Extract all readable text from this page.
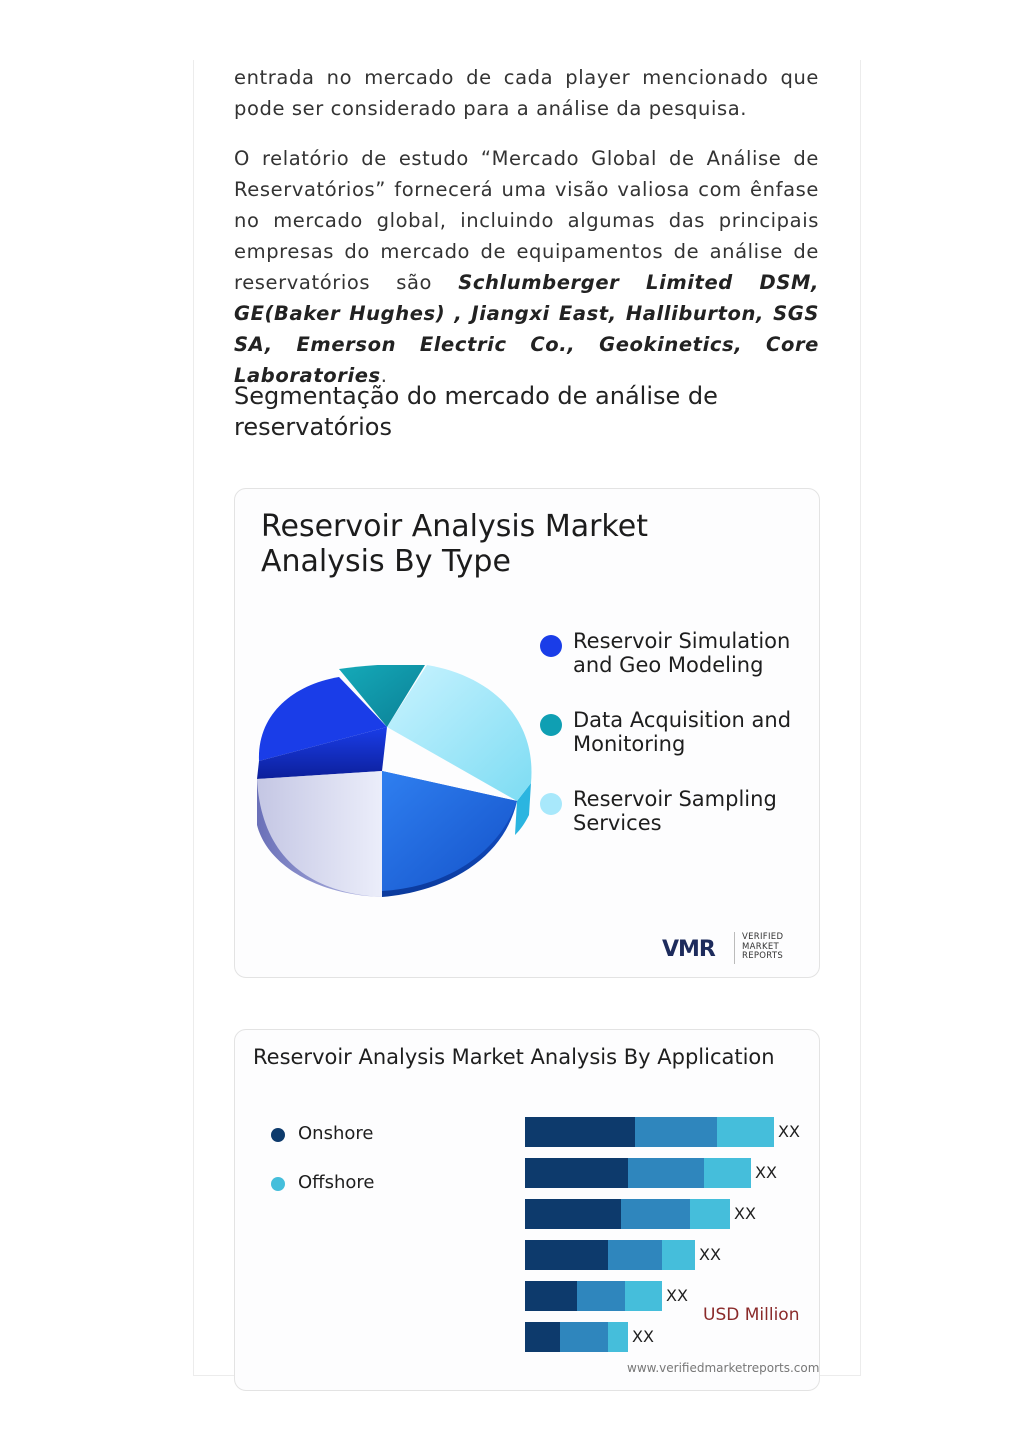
entrada no mercado de cada player mencionado que pode ser considerado para a análise da pesquisa.

O relatório de estudo “Mercado Global de Análise de Reservatórios” fornecerá uma visão valiosa com ênfase no mercado global, incluindo algumas das principais empresas do mercado de equipamentos de análise de reservatórios são Schlumberger Limited DSM, GE(Baker Hughes) , Jiangxi East, Halliburton, SGS SA, Emerson Electric Co., Geokinetics, Core Laboratories.

Segmentação do mercado de análise de reservatórios
Reservoir Analysis Market Analysis By Type
Reservoir Simulation and Geo Modeling
Data Acquisition and Monitoring
Reservoir Sampling Services
VMR	VERIFIED
MARKET
REPORTS
Reservoir Analysis Market Analysis By Application
Onshore
Offshore
XX
XX
XX
XX
XX
XX
USD Million
www.verifiedmarketreports.com
